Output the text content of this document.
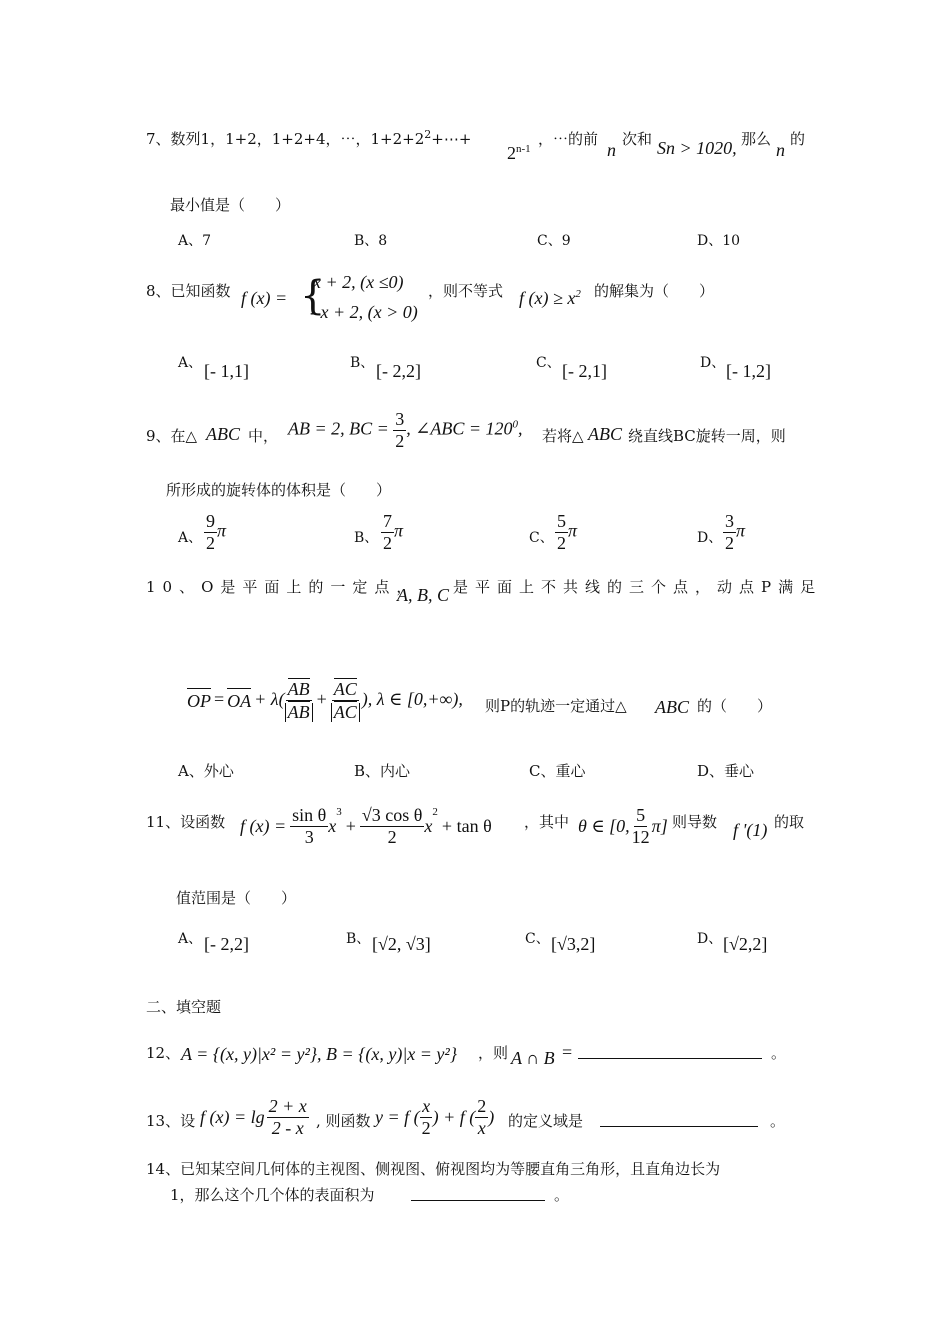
7、数列1，1+2，1+2+4，⋯，$1+2+2^2+\cdots+$
$2^{n-1}$
，⋯的前
n
次和 Sn > 1020, 那么
n
的
最小值是（　　）
A、7	B、8	C、9	D、10
8、已知函数 f (x) = {
x + 2, (x ≤0)
- x + 2, (x > 0)
，则不等式 f $(x) \ge x^2$ 的解集为（　　）
A、 [- 1,1]	B、 [- 2,2]	C、 [- 2,1]	D、 [- 1,2]
9、在△ ABC 中， AB = 2, BC = $\frac{3}{2}$ , ∠ABC = $120^0$, 若将△ ABC 绕直线BC旋转一周，则
所形成的旋转体的体积是（　　）
A、 $\frac{9}{2}$ π	B、 $\frac{7}{2}$ π	C、 $\frac{5}{2}$ π	D、 $\frac{3}{2}$ π
10、O是平面上的一定点，
A, B, C 是平面上不共线的三个点，动点P满足
OP = OA + $\lambda( \frac{AB}{AB} + \frac{AC}{AC}$ ), λ ∈ [0,+∞), 则P的轨迹一定通过△ ABC 的（　　）
A、外心	B、内心	C、重心	D、垂心
11、设函数 f $(x) = \frac{\text{sin θ}}{3}$ x
$^3$
+ $\frac{\text{√3 cos θ}}{2}$ x
$^2$
+ tan θ ，其中 θ ∈ [0, $\frac{5}{12} \pi$] 则导数 f '(1) 的取
值范围是（　　）
A、 [- 2,2]	B、 [√2, √3]	C、 [√3,2]	D、 [√2,2]
二、填空题
12、 A = {(x, y)|x² = y²}, B = {(x, y)|x = y²} ，则 A ∩ B =	。
13、设 f $(x) = \lg \frac{2 + x}{2 - x}$ , 则函数 y = f ( $\frac{x}{2}$ ) + f ( $\frac{2}{x}$ ) 的定义域是	。
14、已知某空间几何体的主视图、侧视图、俯视图均为等腰直角三角形，且直角边长为
1，那么这个几个体的表面积为	。
